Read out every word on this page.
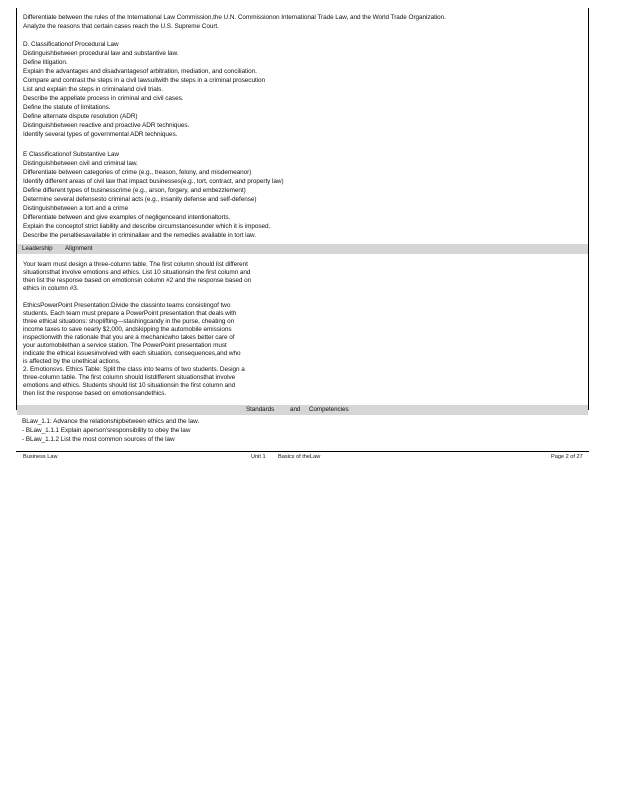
Differentiate between the rules of the International Law Commission,the U.N. Commissionon International Trade Law, and the World Trade Organization.
Analyze the reasons that certain cases reach the U.S. Supreme Court.
D. Classificationof Procedural Law
Distinguishbetween procedural law and substantive law.
Define litigation.
Explain the advantages and disadvantagesof arbitration, mediation, and conciliation.
Compare and contrast the steps in a civil lawsuitwith the steps in a criminal prosecution
List and explain the steps in criminaland civil trials.
Describe the appellate process in criminal and civil cases.
Define the statute of limitations.
Define alternate dispute resolution (ADR)
Distinguishbetween reactive and proactive ADR techniques.
Identify several types of governmental ADR techniques.
E Classificationof Substantive Law
Distinguishbetween civil and criminal law.
Differentiate between categories of crime (e.g., treason, felony, and misdemeanor)
Identify different areas of civil law that impact businesses(e.g., tort, contract, and property law)
Define different types of businesscrime (e.g., arson, forgery, and embezzlement)
Determine several defensesto criminal acts (e.g., insanity defense and self-defense)
Distinguishbetween a tort and a crime
Differentiate between and give examples of negligenceand intentionaltorts.
Explain the conceptof strict liability and describe circumstancesunder which it is imposed.
Describe the penaltiesavailable in criminallaw and the remedies available in tort law.
Leadership Alignment
Your team must design a three-column table. The first column should list different
situationsthat involve emotions and ethics. List 10 situationsin the first column and
then list the response based on emotionsin column #2 and the response based on
ethics in column #3.
EthicsPowerPoint Presentation:Divide the classinto teams consistingof two
students. Each team must prepare a PowerPoint presentation that deals with
three ethical situations: shoplifting—stashingcandy in the purse, cheating on
income taxes to save nearly $2,000, andskipping the automobile emissions
inspectionwith the rationale that you are a mechanicwho takes better care of
your automobilethan a service station. The PowerPoint presentation must
indicate the ethical issuesinvolved with each situation, consequences,and who
is affected by the unethical actions.
2. Emotionsvs. Ethics Table: Split the class into teams of two students. Design a
three-column table. The first column should listdifferent situationsthat involve
emotions and ethics. Students should list 10 situationsin the first column and
then list the response based on emotionsandethics.
Standards	and Competencies
BLaw_1.1: Advance the relationshipbetween ethics and the law.
- BLaw_1.1.1 Explain aperson'sresponsibility to obey the law
- BLaw_1.1.2 List the most common sources of the law
Business Law	Unit 1 Basics of theLaw	Page 2 of 27
